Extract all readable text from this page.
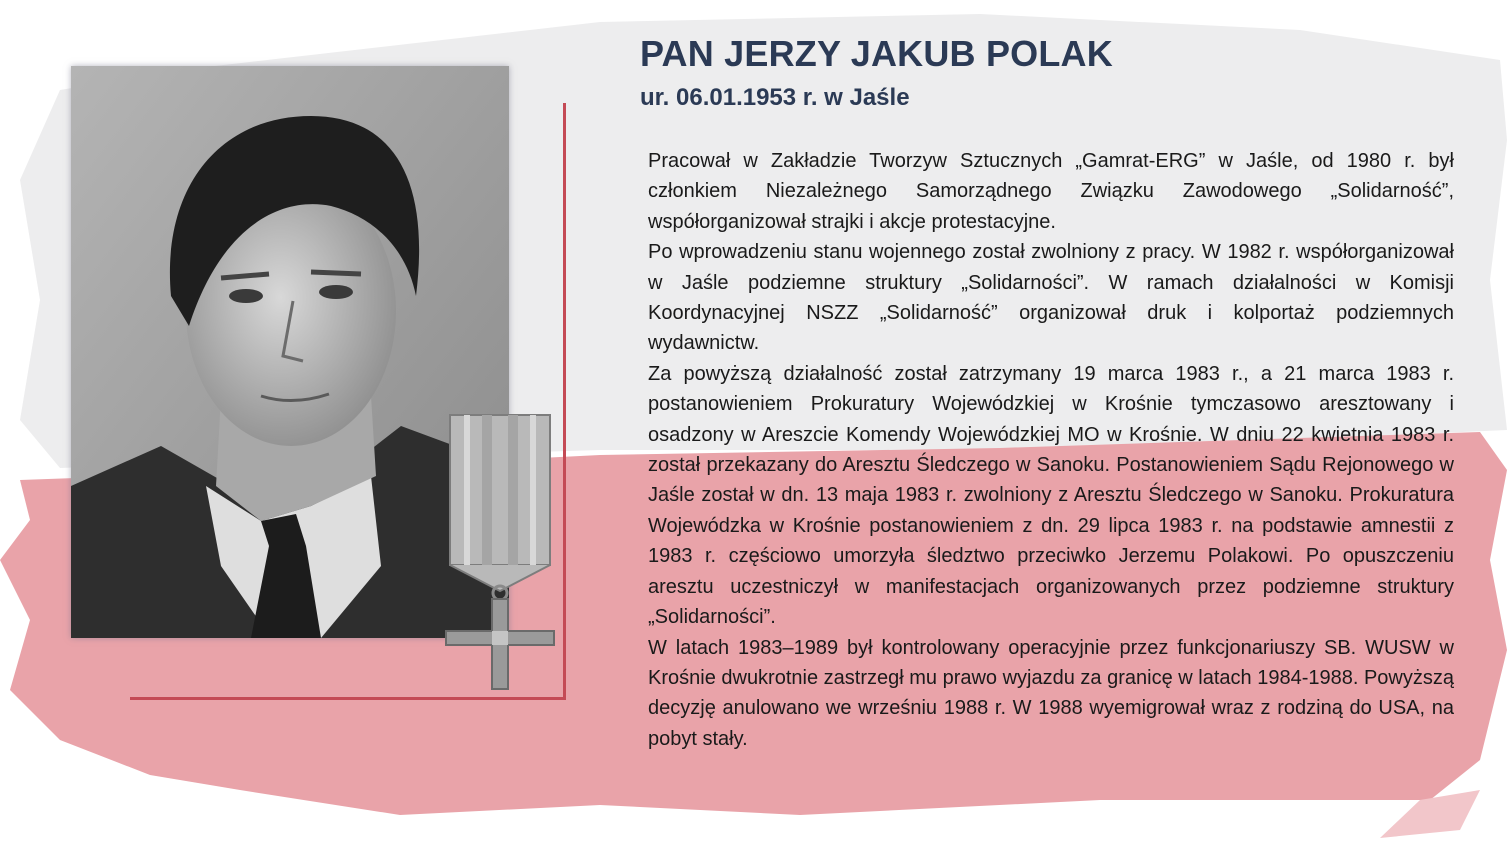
PAN JERZY JAKUB POLAK
ur. 06.01.1953 r. w Jaśle

Pracował w Zakładzie Tworzyw Sztucznych „Gamrat-ERG” w Jaśle, od 1980 r. był członkiem Niezależnego Samorządnego Związku Zawodowego „Solidarność”, współorganizował strajki i akcje protestacyjne.

Po wprowadzeniu stanu wojennego został zwolniony z pracy. W 1982 r. współorganizował w Jaśle podziemne struktury „Solidarności”. W ramach działalności w Komisji Koordynacyjnej NSZZ „Solidarność” organizował druk i kolportaż podziemnych wydawnictw.

Za powyższą działalność został zatrzymany 19 marca 1983 r., a 21 marca 1983 r. postanowieniem Prokuratury Wojewódzkiej w Krośnie tymczasowo aresztowany i osadzony w Areszcie Komendy Wojewódzkiej MO w Krośnie. W dniu 22 kwietnia 1983 r. został przekazany do Aresztu Śledczego w Sanoku. Postanowieniem Sądu Rejonowego w Jaśle został w dn. 13 maja 1983 r. zwolniony z Aresztu Śledczego w Sanoku. Prokuratura Wojewódzka w Krośnie postanowieniem z dn. 29 lipca 1983 r. na podstawie amnestii z 1983 r. częściowo umorzyła śledztwo przeciwko Jerzemu Polakowi. Po opuszczeniu aresztu uczestniczył w manifestacjach organizowanych przez podziemne struktury „Solidarności”.

W latach 1983–1989 był kontrolowany operacyjnie przez funkcjonariuszy SB. WUSW w Krośnie dwukrotnie zastrzegł mu prawo wyjazdu za granicę w latach 1984-1988. Powyższą decyzję anulowano we wrześniu 1988 r. W 1988 wyemigrował wraz z rodziną do USA, na pobyt stały.
